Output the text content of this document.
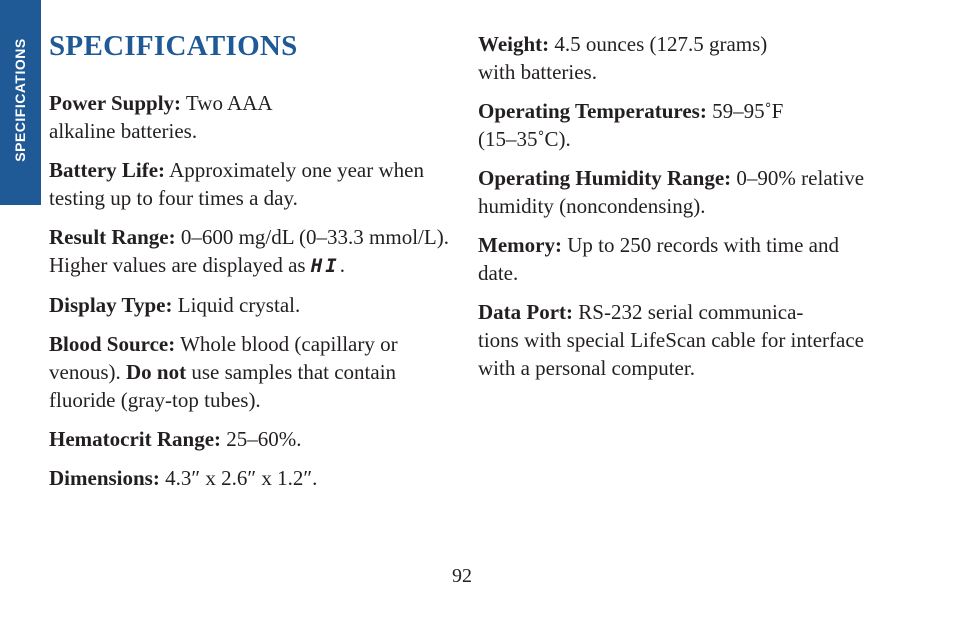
SPECIFICATIONS SPECIFICATIONS

Power Supply: Two AAA
alkaline batteries.

Battery Life: Approximately one year when testing up to four times a day.

Result Range: 0–600 mg/dL (0–33.3 mmol/L). Higher values are displayed as HI.

Display Type: Liquid crystal.

Blood Source: Whole blood (capillary or venous). Do not use samples that contain fluoride (gray-top tubes).

Hematocrit Range: 25–60%.

Dimensions: 4.3″ x 2.6″ x 1.2″.

Weight: 4.5 ounces (127.5 grams)
with batteries.

Operating Temperatures: 59–95˚F
(15–35˚C).

Operating Humidity Range: 0–90% relative humidity (noncondensing).

Memory: Up to 250 records with time and date.

Data Port: RS-232 serial communica-
tions with special LifeScan cable for interface with a personal computer.

92
